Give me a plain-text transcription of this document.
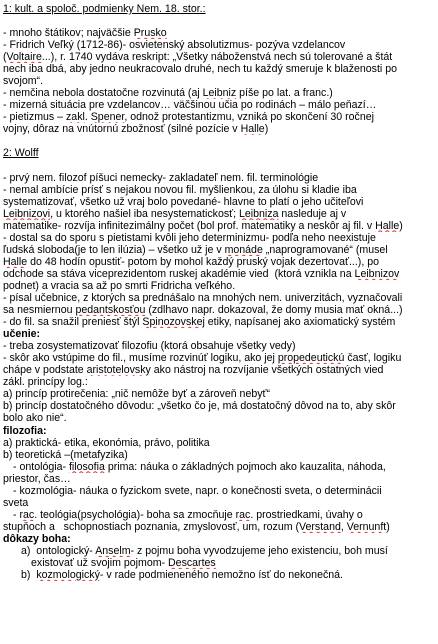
1: kult. a spoloč. podmienky Nem. 18. stor.:
- mnoho štátikov; najväčšie Prusko
- Fridrich Veľký (1712-86)- osvietenský absolutizmus- pozýva vzdelancov
(Voltaire...), r. 1740 vydáva reskript: „Všetky náboženstvá nech sú tolerované a štát
nech iba dbá, aby jedno neukracovalo druhé, nech tu každý smeruje k blaženosti po
svojom“.
- nemčina nebola dostatočne rozvinutá (aj Leibniz píše po lat. a franc.)
- mizerná situácia pre vzdelancov… väčšinou učia po rodinách – málo peňazí…
- pietizmus – zakl. Spener, odnož protestantizmu, vzniká po skončení 30 ročnej
vojny, dôraz na vnútornú zbožnosť (silné pozície v Halle)
2: Wolff
- prvý nem. filozof píšuci nemecky- zakladateľ nem. fil. terminológie
- nemal ambície prísť s nejakou novou fil. myšlienkou, za úlohu si kladie iba
systematizovať, všetko už vraj bolo povedané- hlavne to platí o jeho učiteľovi
Leibnizovi, u ktorého našiel iba nesystematickosť; Leibniza nasleduje aj v
matematike- rozvíja infinitezimálny počet (bol prof. matematiky a neskôr aj fil. v Halle)
- dostal sa do sporu s pietistami kvôli jeho determinizmu- podľa neho neexistuje
ľudská sloboda(je to len ilúzia) – všetko už je v monáde „naprogramované“ (musel
Halle do 48 hodín opustiť- potom by mohol každý pruský vojak dezertovať...), po
odchode sa stáva viceprezidentom ruskej akadémie vied  (ktorá vznikla na Leibnizov
podnet) a vracia sa až po smrti Fridricha veľkého.
- písal učebnice, z ktorých sa prednášalo na mnohých nem. univerzitách, vyznačovali
sa nesmiernou pedantskosťou (zdlhavo napr. dokazoval, že domy musia mať okná...)
- do fil. sa snažil preniesť štýl Spinozovskej etiky, napísanej ako axiomatický systém
učenie:
- treba zosystematizovať filozofiu (ktorá obsahuje všetky vedy)
- skôr ako vstúpime do fil., musíme rozvinúť logiku, ako jej propedeutickú časť, logiku
chápe v podstate aristotelovsky ako nástroj na rozvíjanie všetkých ostatných vied
zákl. princípy log.:
a) princíp protirečenia: „nič nemôže byť a zároveň nebyť“
b) princíp dostatočného dôvodu: „všetko čo je, má dostatočný dôvod na to, aby skôr
bolo ako nie“.
filozofia:
a) praktická- etika, ekonómia, právo, politika
b) teoretická –(metafyzika)
- ontológia- filosofia prima: náuka o základných pojmoch ako kauzalita, náhoda,
priestor, čas…
- kozmológia- náuka o fyzickom svete, napr. o konečnosti sveta, o determinácii
sveta
- rac. teológia(psychológia)- boha sa zmocňuje rac. prostriedkami, úvahy o
stupňoch a   schopnostiach poznania, zmyslovosť, um, rozum (Verstand, Vernunft)
dôkazy boha:
a)  ontologický- Anselm- z pojmu boha vyvodzujeme jeho existenciu, boh musí
existovať už svojim pojmom- Descartes
b)  kozmologický- v rade podmieneného nemožno ísť do nekonečná.
